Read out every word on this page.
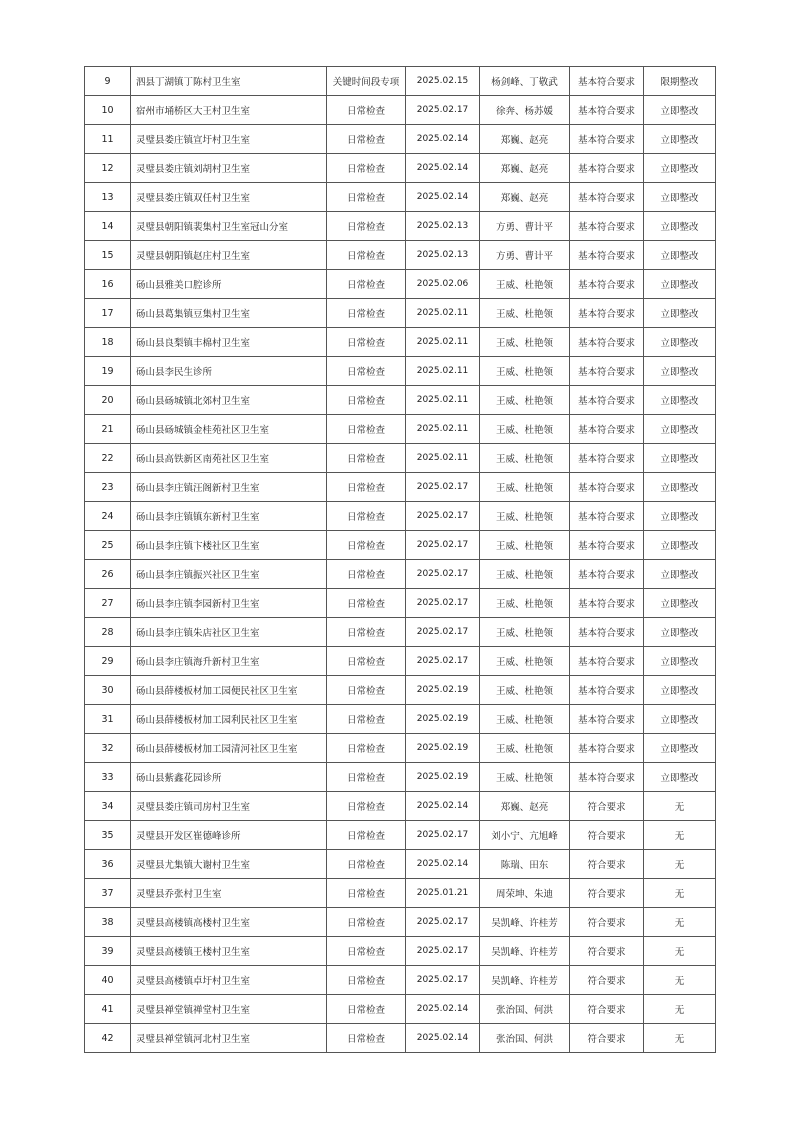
9	泗县丁湖镇丁陈村卫生室	关键时间段专项	2025.02.15	杨剑峰、丁敬武	基本符合要求	限期整改
10	宿州市埇桥区大王村卫生室	日常检查	2025.02.17	徐奔、杨苏媛	基本符合要求	立即整改
11	灵璧县娄庄镇宣圩村卫生室	日常检查	2025.02.14	郑巍、赵亮	基本符合要求	立即整改
12	灵璧县娄庄镇刘胡村卫生室	日常检查	2025.02.14	郑巍、赵亮	基本符合要求	立即整改
13	灵璧县娄庄镇双任村卫生室	日常检查	2025.02.14	郑巍、赵亮	基本符合要求	立即整改
14	灵璧县朝阳镇裴集村卫生室冠山分室	日常检查	2025.02.13	方勇、曹计平	基本符合要求	立即整改
15	灵璧县朝阳镇赵庄村卫生室	日常检查	2025.02.13	方勇、曹计平	基本符合要求	立即整改
16	砀山县雅美口腔诊所	日常检查	2025.02.06	王威、杜艳领	基本符合要求	立即整改
17	砀山县葛集镇豆集村卫生室	日常检查	2025.02.11	王威、杜艳领	基本符合要求	立即整改
18	砀山县良梨镇丰棉村卫生室	日常检查	2025.02.11	王威、杜艳领	基本符合要求	立即整改
19	砀山县李民生诊所	日常检查	2025.02.11	王威、杜艳领	基本符合要求	立即整改
20	砀山县砀城镇北郊村卫生室	日常检查	2025.02.11	王威、杜艳领	基本符合要求	立即整改
21	砀山县砀城镇金桂苑社区卫生室	日常检查	2025.02.11	王威、杜艳领	基本符合要求	立即整改
22	砀山县高铁新区南苑社区卫生室	日常检查	2025.02.11	王威、杜艳领	基本符合要求	立即整改
23	砀山县李庄镇汪阁新村卫生室	日常检查	2025.02.17	王威、杜艳领	基本符合要求	立即整改
24	砀山县李庄镇镇东新村卫生室	日常检查	2025.02.17	王威、杜艳领	基本符合要求	立即整改
25	砀山县李庄镇卞楼社区卫生室	日常检查	2025.02.17	王威、杜艳领	基本符合要求	立即整改
26	砀山县李庄镇振兴社区卫生室	日常检查	2025.02.17	王威、杜艳领	基本符合要求	立即整改
27	砀山县李庄镇李园新村卫生室	日常检查	2025.02.17	王威、杜艳领	基本符合要求	立即整改
28	砀山县李庄镇朱店社区卫生室	日常检查	2025.02.17	王威、杜艳领	基本符合要求	立即整改
29	砀山县李庄镇海升新村卫生室	日常检查	2025.02.17	王威、杜艳领	基本符合要求	立即整改
30	砀山县薛楼板材加工园便民社区卫生室	日常检查	2025.02.19	王威、杜艳领	基本符合要求	立即整改
31	砀山县薛楼板材加工园利民社区卫生室	日常检查	2025.02.19	王威、杜艳领	基本符合要求	立即整改
32	砀山县薛楼板材加工园清河社区卫生室	日常检查	2025.02.19	王威、杜艳领	基本符合要求	立即整改
33	砀山县紫鑫花园诊所	日常检查	2025.02.19	王威、杜艳领	基本符合要求	立即整改
34	灵璧县娄庄镇司房村卫生室	日常检查	2025.02.14	郑巍、赵亮	符合要求	无
35	灵璧县开发区崔德峰诊所	日常检查	2025.02.17	刘小宁、亢旭峰	符合要求	无
36	灵璧县尤集镇大谢村卫生室	日常检查	2025.02.14	陈瑞、田东	符合要求	无
37	灵璧县乔张村卫生室	日常检查	2025.01.21	周荣坤、朱迪	符合要求	无
38	灵璧县高楼镇高楼村卫生室	日常检查	2025.02.17	吴凯峰、许桂芳	符合要求	无
39	灵璧县高楼镇王楼村卫生室	日常检查	2025.02.17	吴凯峰、许桂芳	符合要求	无
40	灵璧县高楼镇卓圩村卫生室	日常检查	2025.02.17	吴凯峰、许桂芳	符合要求	无
41	灵璧县禅堂镇禅堂村卫生室	日常检查	2025.02.14	张治国、何洪	符合要求	无
42	灵璧县禅堂镇河北村卫生室	日常检查	2025.02.14	张治国、何洪	符合要求	无
